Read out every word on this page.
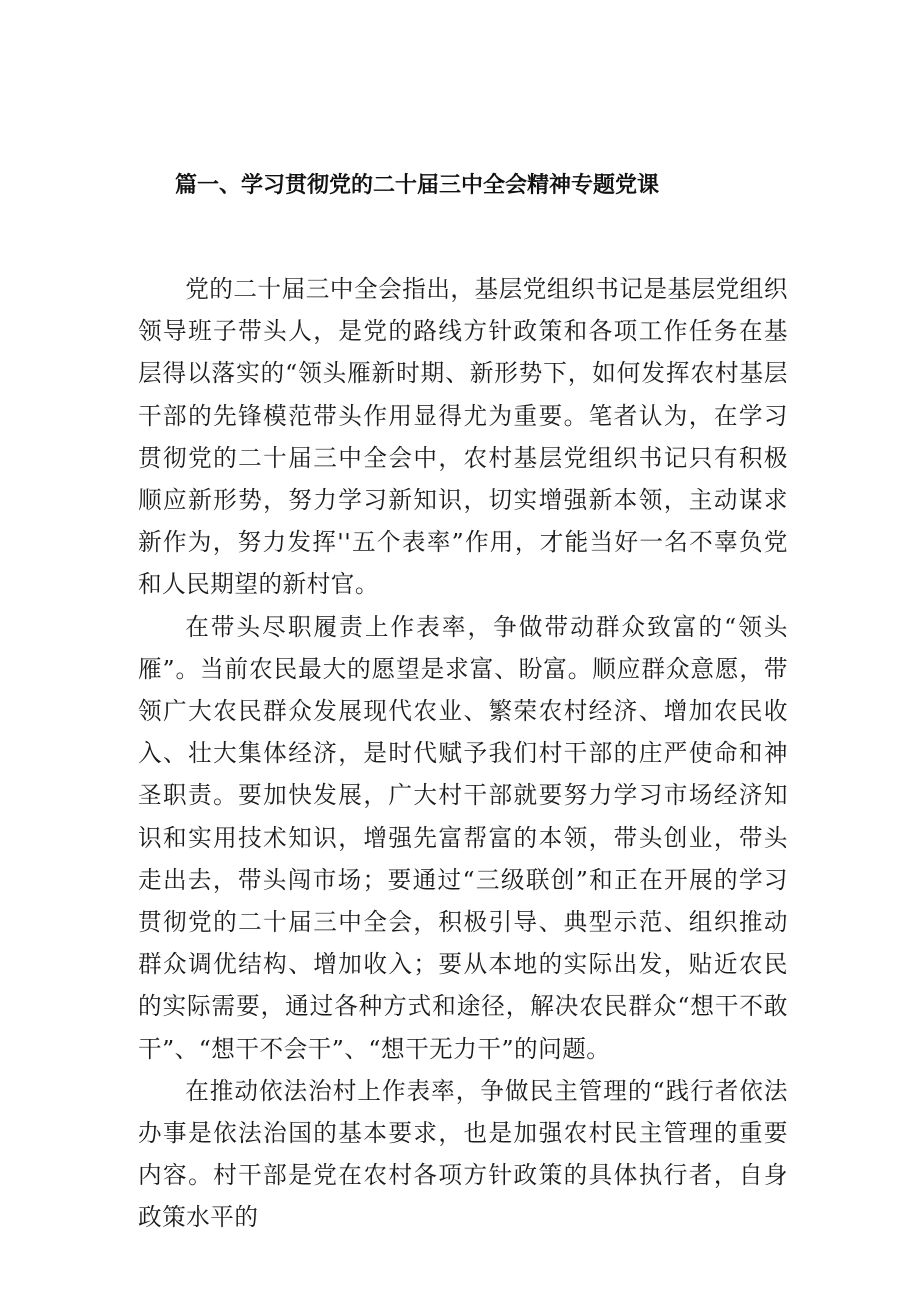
篇一、学习贯彻党的二十届三中全会精神专题党课

党的二十届三中全会指出，基层党组织书记是基层党组织领导班子带头人，是党的路线方针政策和各项工作任务在基层得以落实的“领头雁新时期、新形势下，如何发挥农村基层干部的先锋模范带头作用显得尤为重要。笔者认为，在学习贯彻党的二十届三中全会中，农村基层党组织书记只有积极顺应新形势，努力学习新知识，切实增强新本领，主动谋求新作为，努力发挥''五个表率”作用，才能当好一名不辜负党和人民期望的新村官。

在带头尽职履责上作表率，争做带动群众致富的“领头雁”。当前农民最大的愿望是求富、盼富。顺应群众意愿，带领广大农民群众发展现代农业、繁荣农村经济、增加农民收入、壮大集体经济，是时代赋予我们村干部的庄严使命和神圣职责。要加快发展，广大村干部就要努力学习市场经济知识和实用技术知识，增强先富帮富的本领，带头创业，带头走出去，带头闯市场；要通过“三级联创”和正在开展的学习贯彻党的二十届三中全会，积极引导、典型示范、组织推动群众调优结构、增加收入；要从本地的实际出发，贴近农民的实际需要，通过各种方式和途径，解决农民群众“想干不敢干”、“想干不会干”、“想干无力干”的问题。

在推动依法治村上作表率，争做民主管理的“践行者依法办事是依法治国的基本要求，也是加强农村民主管理的重要内容。村干部是党在农村各项方针政策的具体执行者，自身政策水平的
